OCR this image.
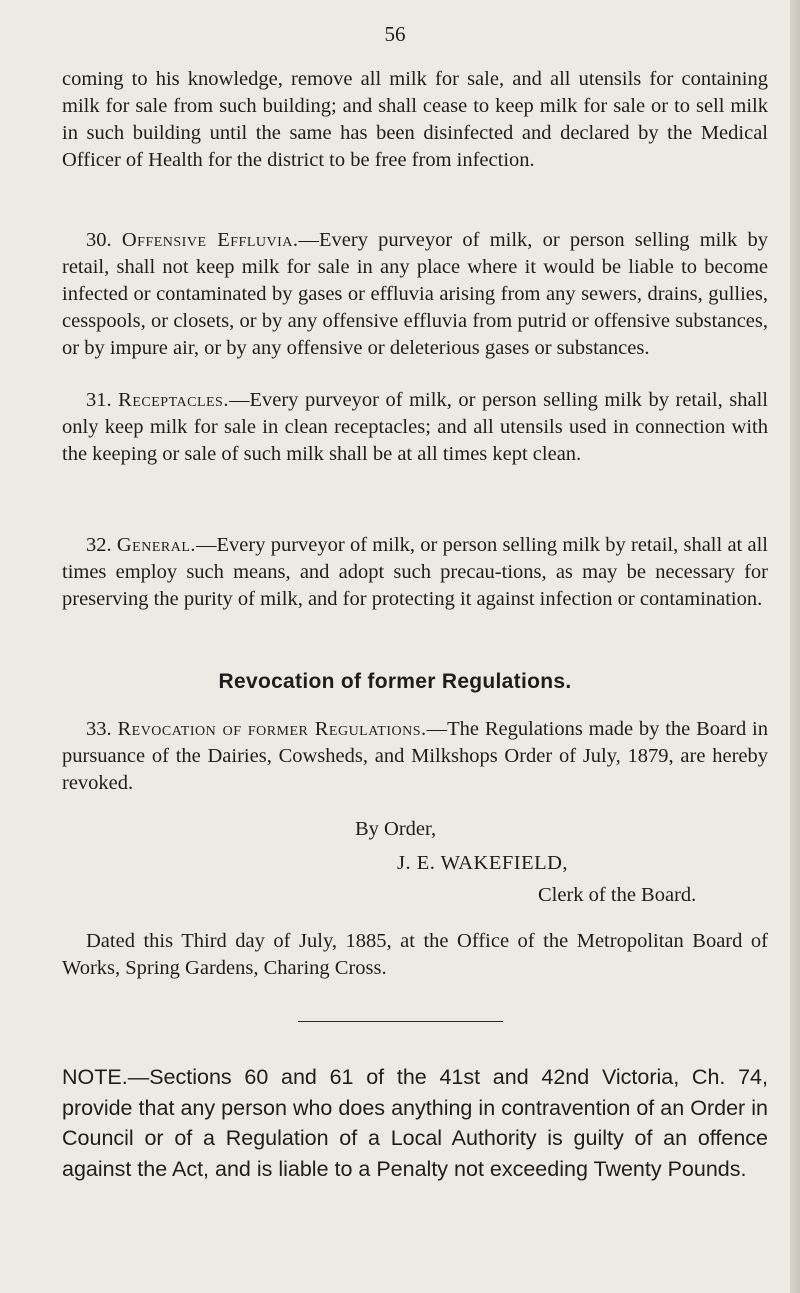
56

coming to his knowledge, remove all milk for sale, and all utensils for containing milk for sale from such building; and shall cease to keep milk for sale or to sell milk in such building until the same has been disinfected and declared by the Medical Officer of Health for the district to be free from infection.

30. Offensive Effluvia.—Every purveyor of milk, or person selling milk by retail, shall not keep milk for sale in any place where it would be liable to become infected or contaminated by gases or effluvia arising from any sewers, drains, gullies, cesspools, or closets, or by any offensive effluvia from putrid or offensive substances, or by impure air, or by any offensive or deleterious gases or substances.

31. Receptacles.—Every purveyor of milk, or person selling milk by retail, shall only keep milk for sale in clean receptacles; and all utensils used in connection with the keeping or sale of such milk shall be at all times kept clean.

32. General.—Every purveyor of milk, or person selling milk by retail, shall at all times employ such means, and adopt such precau-tions, as may be necessary for preserving the purity of milk, and for protecting it against infection or contamination.

Revocation of former Regulations.

33. Revocation of former Regulations.—The Regulations made by the Board in pursuance of the Dairies, Cowsheds, and Milkshops Order of July, 1879, are hereby revoked.

By Order,
J. E. WAKEFIELD,
Clerk of the Board.

Dated this Third day of July, 1885, at the Office of the Metropolitan Board of Works, Spring Gardens, Charing Cross.

NOTE.—Sections 60 and 61 of the 41st and 42nd Victoria, Ch. 74, provide that any person who does anything in contravention of an Order in Council or of a Regulation of a Local Authority is guilty of an offence against the Act, and is liable to a Penalty not exceeding Twenty Pounds.
